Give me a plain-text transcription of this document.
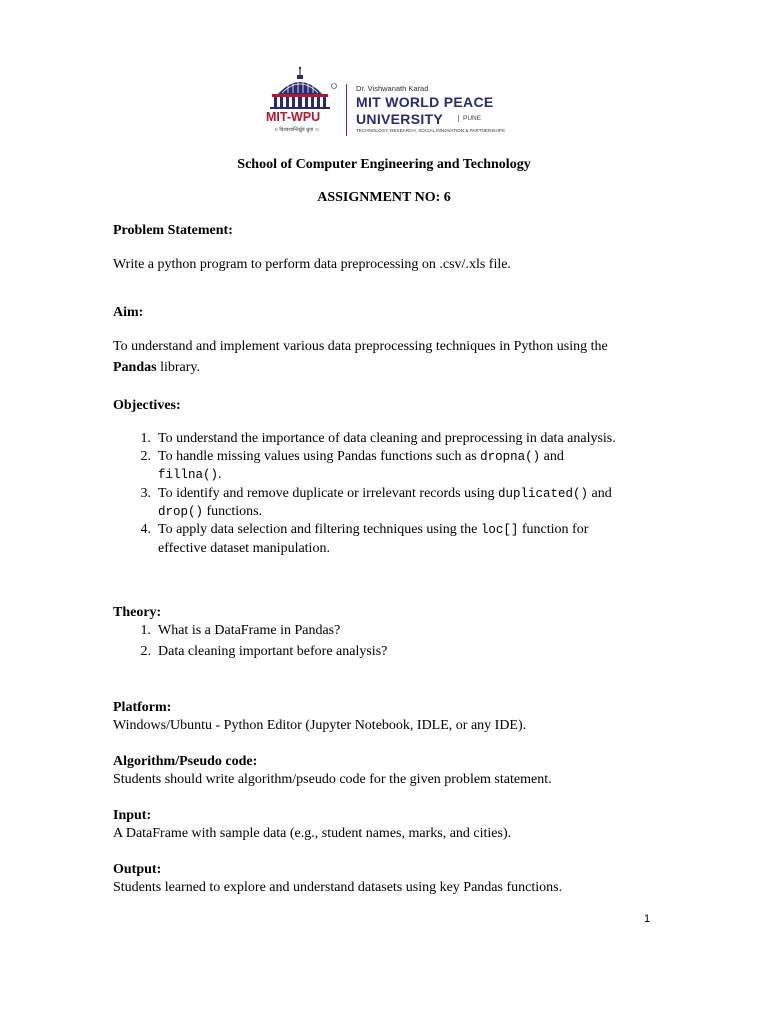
MIT-WPU
।। विश्वशान्तिर्ध्रुवं ध्रुवा ।।
Dr. Vishwanath Karad
MIT WORLD PEACE
UNIVERSITY	PUNE
TECHNOLOGY, RESEARCH, SOCIAL INNOVATION & PARTNERSHIPS
School of Computer Engineering and Technology
ASSIGNMENT NO: 6
Problem Statement:
Write a python program to perform data preprocessing on .csv/.xls file.
Aim:
To understand and implement various data preprocessing techniques in Python using the
Pandas library.
Objectives:
1. To understand the importance of data cleaning and preprocessing in data analysis.
2. To handle missing values using Pandas functions such as dropna() and
fillna().
3. To identify and remove duplicate or irrelevant records using duplicated() and
drop() functions.
4. To apply data selection and filtering techniques using the loc[] function for
effective dataset manipulation.
Theory:
1. What is a DataFrame in Pandas?
2. Data cleaning important before analysis?
Platform:
Windows/Ubuntu - Python Editor (Jupyter Notebook, IDLE, or any IDE).
Algorithm/Pseudo code:
Students should write algorithm/pseudo code for the given problem statement.
Input:
A DataFrame with sample data (e.g., student names, marks, and cities).
Output:
Students learned to explore and understand datasets using key Pandas functions.
1
